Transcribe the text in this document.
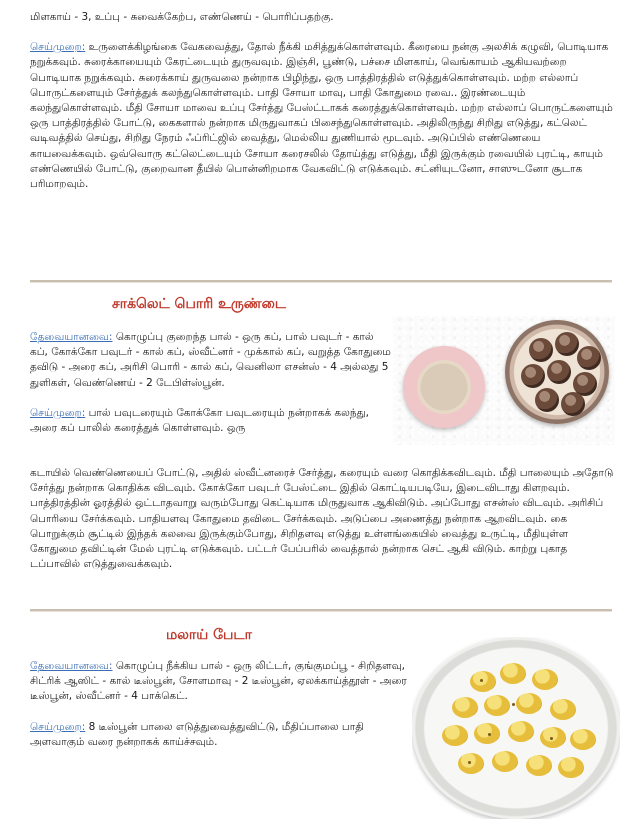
மிளகாய் - 3, உப்பு - சுவைக்கேற்ப, எண்ணெய் - பொரிப்பதற்கு.

செய்முறை: உருளைக்கிழங்கை வேகவைத்து, தோல் நீக்கி மசித்துக்கொள்ளவும். கீரையை நன்கு அலசிக் கழுவி, பொடியாக நறுக்கவும். சுரைக்காயையும் கேரட்டையும் துருவவும். இஞ்சி, பூண்டு, பச்சை மிளகாய், வெங்காயம் ஆகியவற்றை பொடியாக நறுக்கவும். சுரைக்காய் துருவலை நன்றாக பிழிந்து, ஒரு பாத்திரத்தில் எடுத்துக்கொள்ளவும். மற்ற எல்லாப் பொருட்களையும் சேர்த்துக் கலந்துகொள்ளவும். பாதி சோயா மாவு, பாதி கோதுமை ரவை.. இரண்டையும் கலந்துகொள்ளவும். மீதி சோயா மாவை உப்பு சேர்த்து பேஸ்ட்டாகக் கரைத்துக்கொள்ளவும். மற்ற எல்லாப் பொருட்களையும் ஒரு பாத்திரத்தில் போட்டு, கைகளால் நன்றாக மிருதுவாகப் பிசைந்துகொள்ளவும். அதிலிருந்து சிறிது எடுத்து, கட்லெட் வடிவத்தில் செய்து, சிறிது நேரம் ஃப்ரிட்ஜில் வைத்து, மெல்லிய துணியால் மூடவும். அடுப்பில் எண்ணெயை காயவைக்கவும். ஒவ்வொரு கட்லெட்டையும் சோயா கரைசலில் தோய்த்து எடுத்து, மீதி இருக்கும் ரவையில் புரட்டி, காயும் எண்ணெயில் போட்டு, குறைவான தீயில் பொன்னிறமாக வேகவிட்டு எடுக்கவும். சட்னியுடனோ, சாஸுடனோ சூடாக பரிமாறவும்.

சாக்லெட் பொரி உருண்டை

தேவையானவை: கொழுப்பு குறைந்த பால் - ஒரு கப், பால் பவுடர் - கால் கப், கோக்கோ பவுடர் - கால் கப், ஸ்வீட்னர் - முக்கால் கப், வறுத்த கோதுமை தவிடு - அரை கப், அரிசி பொரி - கால் கப், வெனிலா எசன்ஸ் - 4 அல்லது 5 துளிகள், வெண்ணெய் - 2 டேபிள்ஸ்பூன்.

செய்முறை: பால் பவுடரையும் கோக்கோ பவுடரையும் நன்றாகக் கலந்து, அரை கப் பாலில் கரைத்துக் கொள்ளவும். ஒரு

கடாயில் வெண்ணெயைப் போட்டு, அதில் ஸ்வீட்னரைச் சேர்த்து, கரையும் வரை கொதிக்கவிடவும். மீதி பாலையும் அதோடு சேர்த்து நன்றாக கொதிக்க விடவும். கோக்கோ பவுடர் பேஸ்ட்டை இதில் கொட்டியபடியே, இடைவிடாது கிளறவும். பாத்திரத்தின் ஓரத்தில் ஒட்டாதவாறு வரும்போது கெட்டியாக மிருதுவாக ஆகிவிடும். அப்போது எசன்ஸ் விடவும். அரிசிப் பொரியை சேர்க்கவும். பாதியளவு கோதுமை தவிடை சேர்க்கவும். அடுப்பை அணைத்து நன்றாக ஆறவிடவும். கை பொறுக்கும் சூட்டில் இந்தக் கலவை இருக்கும்போது, சிறிதளவு எடுத்து உள்ளங்கையில் வைத்து உருட்டி, மீதியுள்ள கோதுமை தவிட்டின் மேல் புரட்டி எடுக்கவும். பட்டர் பேப்பரில் வைத்தால் நன்றாக செட் ஆகி விடும். காற்று புகாத டப்பாவில் எடுத்துவைக்கவும்.

மலாய் பேடா

தேவையானவை: கொழுப்பு நீக்கிய பால் - ஒரு லிட்டர், குங்குமப்பூ - சிறிதளவு, சிட்ரிக் ஆஸிட் - கால் டீஸ்பூன், சோளமாவு - 2 டீஸ்பூன், ஏலக்காய்த்தூள் - அரை டீஸ்பூன், ஸ்வீட்னர் - 4 பாக்கெட்.

செய்முறை: 8 டீஸ்பூன் பாலை எடுத்துவைத்துவிட்டு, மீதிப்பாலை பாதி அளவாகும் வரை நன்றாகக் காய்ச்சவும்.
